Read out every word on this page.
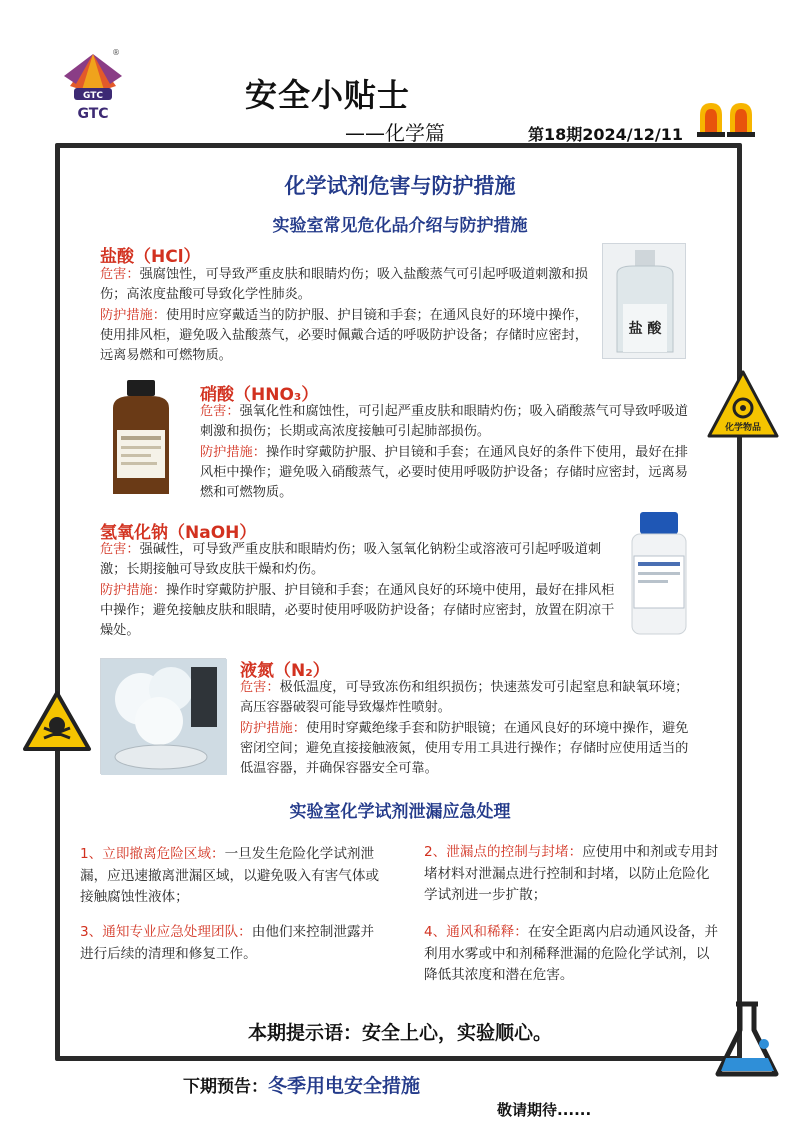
GTC
®
GTC	安全小贴士
——化学篇	第18期2024/12/11
化学试剂危害与防护措施
实验室常见危化品介绍与防护措施
盐酸（HCl）
危害：强腐蚀性，可导致严重皮肤和眼睛灼伤；吸入盐酸蒸气可引起呼吸道刺激和损伤；高浓度盐酸可导致化学性肺炎。
防护措施：使用时应穿戴适当的防护服、护目镜和手套；在通风良好的环境中操作，使用排风柜，避免吸入盐酸蒸气，必要时佩戴合适的呼吸防护设备；存储时应密封，远离易燃和可燃物质。
盐 酸
硝酸（HNO₃）
危害：强氧化性和腐蚀性，可引起严重皮肤和眼睛灼伤；吸入硝酸蒸气可导致呼吸道刺激和损伤；长期或高浓度接触可引起肺部损伤。
防护措施：操作时穿戴防护服、护目镜和手套；在通风良好的条件下使用，最好在排风柜中操作；避免吸入硝酸蒸气，必要时使用呼吸防护设备；存储时应密封，远离易燃和可燃物质。
化学物品
氢氧化钠（NaOH）
危害：强碱性，可导致严重皮肤和眼睛灼伤；吸入氢氧化钠粉尘或溶液可引起呼吸道刺激；长期接触可导致皮肤干燥和灼伤。
防护措施：操作时穿戴防护服、护目镜和手套；在通风良好的环境中使用，最好在排风柜中操作；避免接触皮肤和眼睛，必要时使用呼吸防护设备；存储时应密封，放置在阴凉干燥处。
液氮（N₂）
危害：极低温度，可导致冻伤和组织损伤；快速蒸发可引起窒息和缺氧环境；高压容器破裂可能导致爆炸性喷射。
防护措施：使用时穿戴绝缘手套和防护眼镜；在通风良好的环境中操作，避免密闭空间；避免直接接触液氮，使用专用工具进行操作；存储时应使用适当的低温容器，并确保容器安全可靠。
实验室化学试剂泄漏应急处理
1、立即撤离危险区域：一旦发生危险化学试剂泄漏，应迅速撤离泄漏区域，以避免吸入有害气体或接触腐蚀性液体；
2、泄漏点的控制与封堵：应使用中和剂或专用封堵材料对泄漏点进行控制和封堵，以防止危险化学试剂进一步扩散；
3、通知专业应急处理团队：由他们来控制泄露并进行后续的清理和修复工作。
4、通风和稀释：在安全距离内启动通风设备，并利用水雾或中和剂稀释泄漏的危险化学试剂，以降低其浓度和潜在危害。
本期提示语：安全上心，实验顺心。
下期预告：冬季用电安全措施
敬请期待......
